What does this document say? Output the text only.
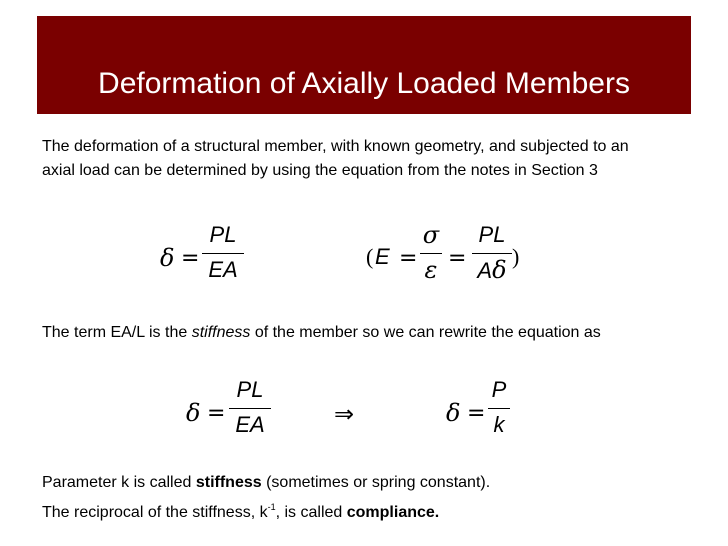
Deformation of Axially Loaded Members

The deformation of a structural member, with known geometry, and subjected to an axial load can be determined by using the equation from the notes in Section 3

δ =
PL
EA
( E =
σ
ε =
PL
Aδ )

The term EA/L is the stiffness of the member so we can rewrite the equation as

δ =
PL
EA	⇒	δ =
P
k

Parameter k is called stiffness (sometimes or spring constant).

The reciprocal of the stiffness, $k^{-1}$, is called compliance.
